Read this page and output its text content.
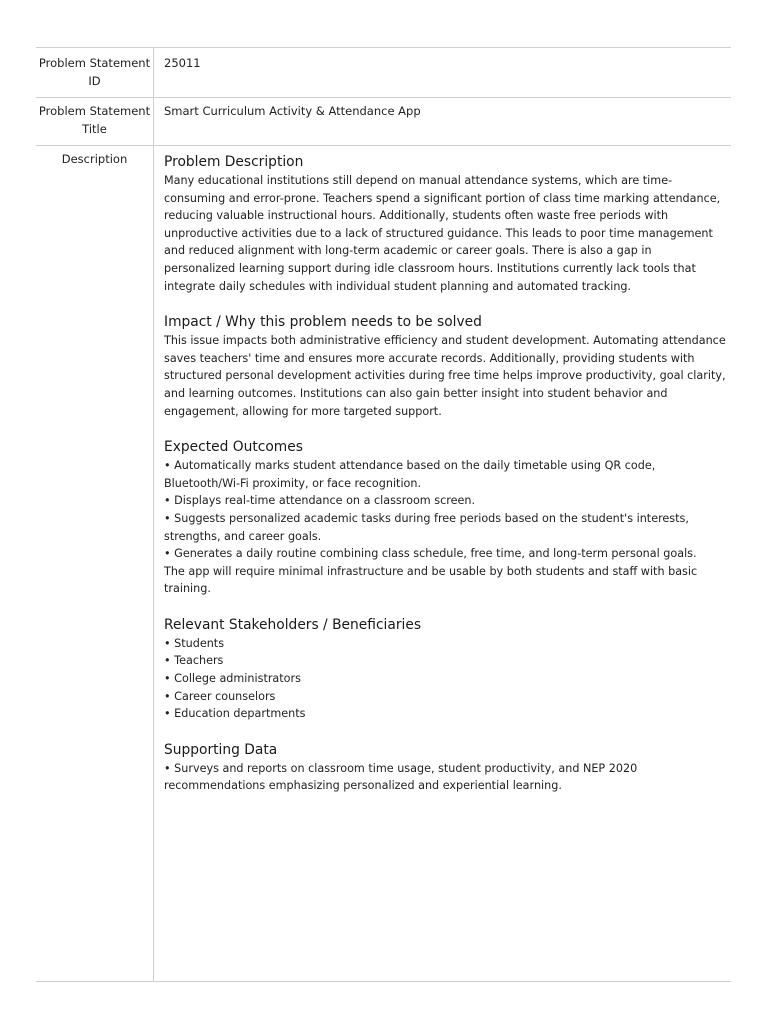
Problem Statement ID
25011
Problem Statement Title
Smart Curriculum Activity & Attendance App
Description	Problem Description

Many educational institutions still depend on manual attendance systems, which are time-consuming and error-prone. Teachers spend a significant portion of class time marking attendance, reducing valuable instructional hours. Additionally, students often waste free periods with unproductive activities due to a lack of structured guidance. This leads to poor time management and reduced alignment with long-term academic or career goals. There is also a gap in personalized learning support during idle classroom hours. Institutions currently lack tools that integrate daily schedules with individual student planning and automated tracking.

Impact / Why this problem needs to be solved

This issue impacts both administrative efficiency and student development. Automating attendance saves teachers' time and ensures more accurate records. Additionally, providing students with structured personal development activities during free time helps improve productivity, goal clarity, and learning outcomes. Institutions can also gain better insight into student behavior and engagement, allowing for more targeted support.

Expected Outcomes
• Automatically marks student attendance based on the daily timetable using QR code, Bluetooth/Wi-Fi proximity, or face recognition.
• Displays real-time attendance on a classroom screen.
• Suggests personalized academic tasks during free periods based on the student's interests, strengths, and career goals.
• Generates a daily routine combining class schedule, free time, and long-term personal goals.

The app will require minimal infrastructure and be usable by both students and staff with basic training.

Relevant Stakeholders / Beneficiaries
• Students
• Teachers
• College administrators
• Career counselors
• Education departments
Supporting Data
• Surveys and reports on classroom time usage, student productivity, and NEP 2020 recommendations emphasizing personalized and experiential learning.
